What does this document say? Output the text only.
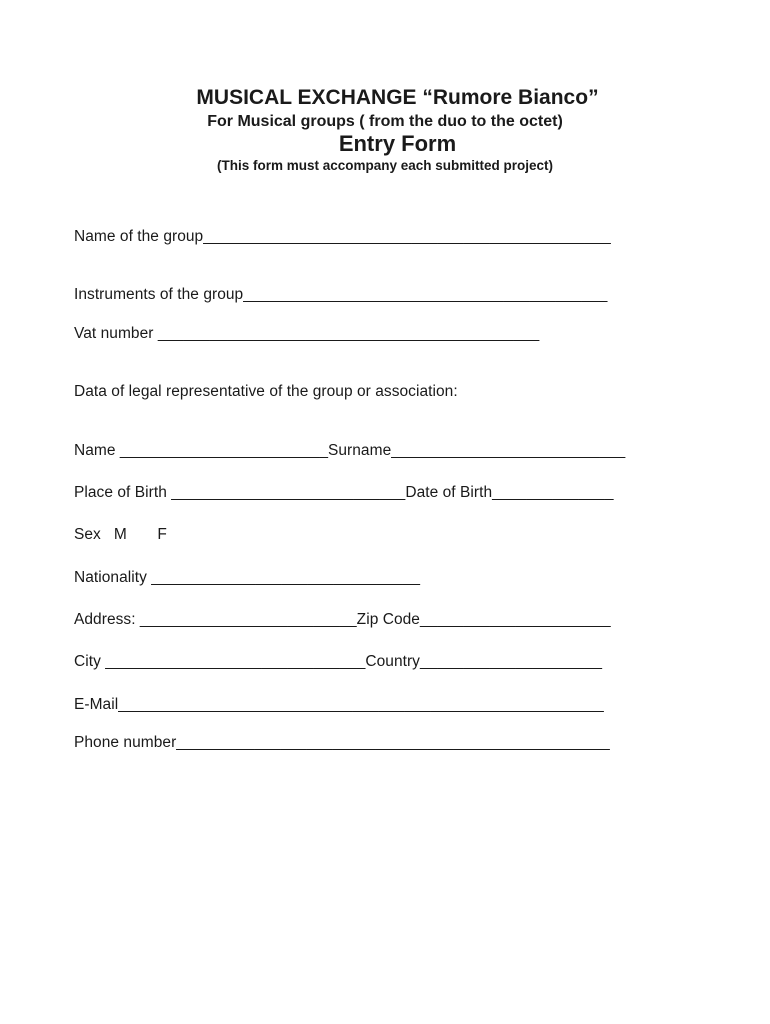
MUSICAL EXCHANGE “Rumore Bianco”
For Musical groups ( from the duo to the octet)
Entry Form
(This form must accompany each submitted project)
Name of the group_______________________________________________
Instruments of the group__________________________________________
Vat number ____________________________________________
Data of legal representative of the group or association:
Name ________________________Surname___________________________
Place of Birth ___________________________Date of Birth______________
Sex   M       F
Nationality _______________________________
Address: _________________________Zip Code______________________
City ______________________________Country_____________________
E-Mail________________________________________________________
Phone number__________________________________________________
